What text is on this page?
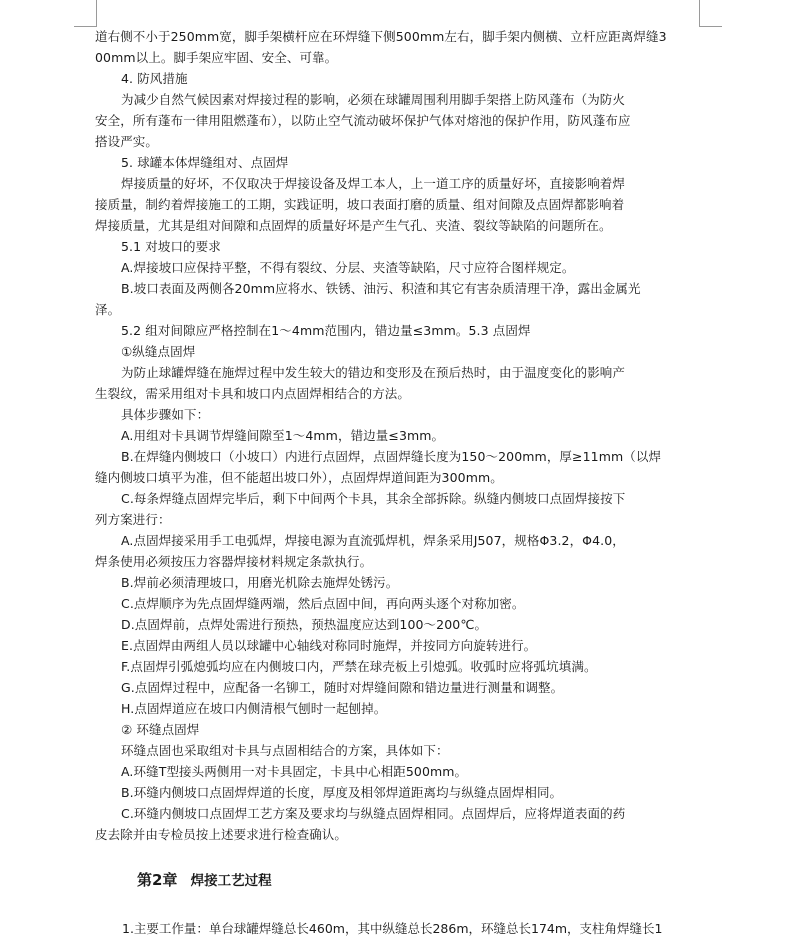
道右侧不小于250mm宽，脚手架横杆应在环焊缝下侧500mm左右，脚手架内侧横、立杆应距离焊缝3
00mm以上。脚手架应牢固、安全、可靠。
4. 防风措施
为减少自然气候因素对焊接过程的影响，必须在球罐周围利用脚手架搭上防风蓬布（为防火
安全，所有蓬布一律用阻燃蓬布），以防止空气流动破坏保护气体对熔池的保护作用，防风蓬布应
搭设严实。
5. 球罐本体焊缝组对、点固焊
焊接质量的好坏，不仅取决于焊接设备及焊工本人，上一道工序的质量好坏，直接影响着焊
接质量，制约着焊接施工的工期，实践证明，坡口表面打磨的质量、组对间隙及点固焊都影响着
焊接质量，尤其是组对间隙和点固焊的质量好坏是产生气孔、夹渣、裂纹等缺陷的问题所在。
5.1 对坡口的要求
A.焊接坡口应保持平整，不得有裂纹、分层、夹渣等缺陷，尺寸应符合图样规定。
B.坡口表面及两侧各20mm应将水、铁锈、油污、积渣和其它有害杂质清理干净，露出金属光
泽。
5.2 组对间隙应严格控制在1～4mm范围内，错边量≤3mm。5.3 点固焊
①纵缝点固焊
为防止球罐焊缝在施焊过程中发生较大的错边和变形及在预后热时，由于温度变化的影响产
生裂纹，需采用组对卡具和坡口内点固焊相结合的方法。
具体步骤如下：
A.用组对卡具调节焊缝间隙至1～4mm，错边量≤3mm。
B.在焊缝内侧坡口（小坡口）内进行点固焊，点固焊缝长度为150～200mm，厚≥11mm（以焊
缝内侧坡口填平为准，但不能超出坡口外），点固焊焊道间距为300mm。
C.每条焊缝点固焊完毕后，剩下中间两个卡具，其余全部拆除。纵缝内侧坡口点固焊接按下
列方案进行：
A.点固焊接采用手工电弧焊，焊接电源为直流弧焊机，焊条采用J507，规格Φ3.2，Φ4.0，
焊条使用必须按压力容器焊接材料规定条款执行。
B.焊前必须清理坡口，用磨光机除去施焊处锈污。
C.点焊顺序为先点固焊缝两端，然后点固中间，再向两头逐个对称加密。
D.点固焊前，点焊处需进行预热，预热温度应达到100～200℃。
E.点固焊由两组人员以球罐中心轴线对称同时施焊，并按同方向旋转进行。
F.点固焊引弧熄弧均应在内侧坡口内，严禁在球壳板上引熄弧。收弧时应将弧坑填满。
G.点固焊过程中，应配备一名铆工，随时对焊缝间隙和错边量进行测量和调整。
H.点固焊道应在坡口内侧清根气刨时一起刨掉。
② 环缝点固焊
环缝点固也采取组对卡具与点固相结合的方案，具体如下：
A.环缝T型接头两侧用一对卡具固定，卡具中心相距500mm。
B.环缝内侧坡口点固焊焊道的长度，厚度及相邻焊道距离均与纵缝点固焊相同。
C.环缝内侧坡口点固焊工艺方案及要求均与纵缝点固焊相同。点固焊后，应将焊道表面的药
皮去除并由专检员按上述要求进行检查确认。
第2章 焊接工艺过程
1.主要工作量：单台球罐焊缝总长460m，其中纵缝总长286m，环缝总长174m，支柱角焊缝长1
